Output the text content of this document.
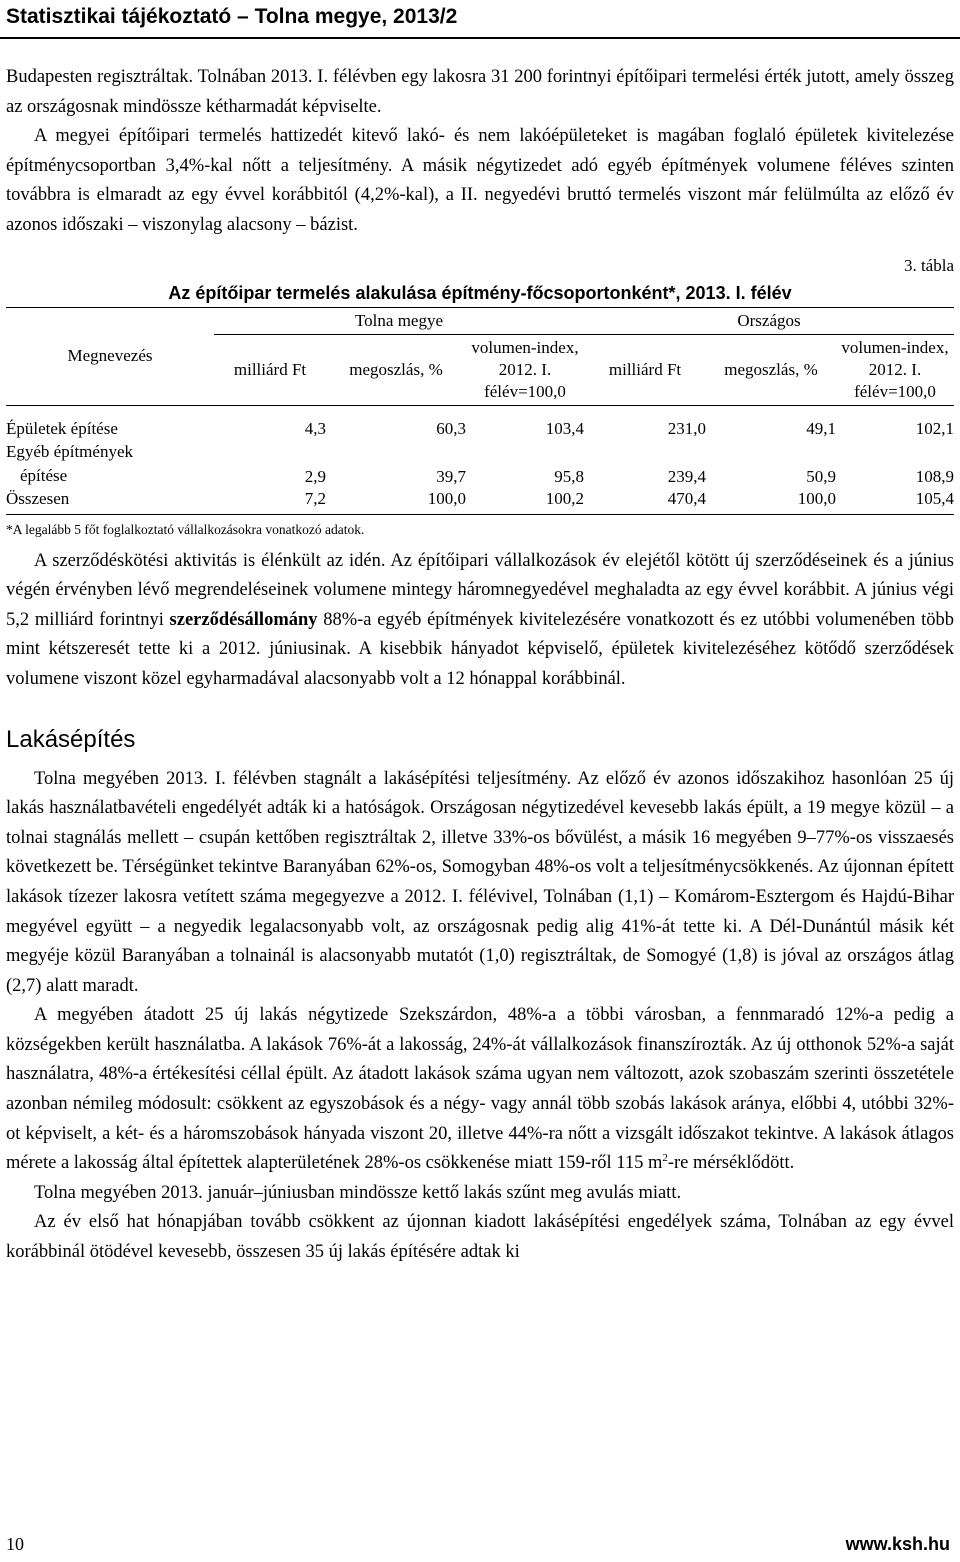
Statisztikai tájékoztató – Tolna megye, 2013/2

Budapesten regisztráltak. Tolnában 2013. I. félévben egy lakosra 31 200 forintnyi építőipari termelési érték jutott, amely összeg az országosnak mindössze kétharmadát képviselte.

A megyei építőipari termelés hattizedét kitevő lakó- és nem lakóépületeket is magában foglaló épületek kivitelezése építménycsoportban 3,4%-kal nőtt a teljesítmény. A másik négytizedet adó egyéb építmények volumene féléves szinten továbbra is elmaradt az egy évvel korábbitól (4,2%-kal), a II. negyedévi bruttó termelés viszont már felülmúlta az előző év azonos időszaki – viszonylag alacsony – bázist.

3. tábla
Az építőipar termelés alakulása építmény-főcsoportonként*, 2013. I. félév
Megnevezés	Tolna megye			Országos		
	milliárd Ft	megoszlás, %	volumen-index, 2012. I. félév=100,0	milliárd Ft	megoszlás, %	volumen-index, 2012. I. félév=100,0
Épületek építése	4,3	60,3	103,4	231,0	49,1	102,1

Egyéb építmények
építése	2,9	39,7	95,8	239,4	50,9	108,9
Összesen	7,2	100,0	100,2	470,4	100,0	105,4
*A legalább 5 főt foglalkoztató vállalkozásokra vonatkozó adatok.

A szerződéskötési aktivitás is élénkült az idén. Az építőipari vállalkozások év elejétől kötött új szerződéseinek és a június végén érvényben lévő megrendeléseinek volumene mintegy háromnegyedével meghaladta az egy évvel korábbit. A június végi 5,2 milliárd forintnyi szerződésállomány 88%-a egyéb építmények kivitelezésére vonatkozott és ez utóbbi volumenében több mint kétszeresét tette ki a 2012. júniusinak. A kisebbik hányadot képviselő, épületek kivitelezéséhez kötődő szerződések volumene viszont közel egyharmadával alacsonyabb volt a 12 hónappal korábbinál.

Lakásépítés

Tolna megyében 2013. I. félévben stagnált a lakásépítési teljesítmény. Az előző év azonos időszakihoz hasonlóan 25 új lakás használatbavételi engedélyét adták ki a hatóságok. Országosan négytizedével kevesebb lakás épült, a 19 megye közül – a tolnai stagnálás mellett – csupán kettőben regisztráltak 2, illetve 33%-os bővülést, a másik 16 megyében 9–77%-os visszaesés következett be. Térségünket tekintve Baranyában 62%-os, Somogyban 48%-os volt a teljesítménycsökkenés. Az újonnan épített lakások tízezer lakosra vetített száma megegyezve a 2012. I. félévivel, Tolnában (1,1) – Komárom-Esztergom és Hajdú-Bihar megyével együtt – a negyedik legalacsonyabb volt, az országosnak pedig alig 41%-át tette ki. A Dél-Dunántúl másik két megyéje közül Baranyában a tolnainál is alacsonyabb mutatót (1,0) regisztráltak, de Somogyé (1,8) is jóval az országos átlag (2,7) alatt maradt.

A megyében átadott 25 új lakás négytizede Szekszárdon, 48%-a a többi városban, a fennmaradó 12%-a pedig a községekben került használatba. A lakások 76%-át a lakosság, 24%-át vállalkozások finanszírozták. Az új otthonok 52%-a saját használatra, 48%-a értékesítési céllal épült. Az átadott lakások száma ugyan nem változott, azok szobaszám szerinti összetétele azonban némileg módosult: csökkent az egyszobások és a négy- vagy annál több szobás lakások aránya, előbbi 4, utóbbi 32%-ot képviselt, a két- és a háromszobások hányada viszont 20, illetve 44%-ra nőtt a vizsgált időszakot tekintve. A lakások átlagos mérete a lakosság által építettek alapterületének 28%-os csökkenése miatt 159-ről 115 $m^2-re$ mérséklődött.

Tolna megyében 2013. január–júniusban mindössze kettő lakás szűnt meg avulás miatt.

Az év első hat hónapjában tovább csökkent az újonnan kiadott lakásépítési engedélyek száma, Tolnában az egy évvel korábbinál ötödével kevesebb, összesen 35 új lakás építésére adtak ki

10	www.ksh.hu
